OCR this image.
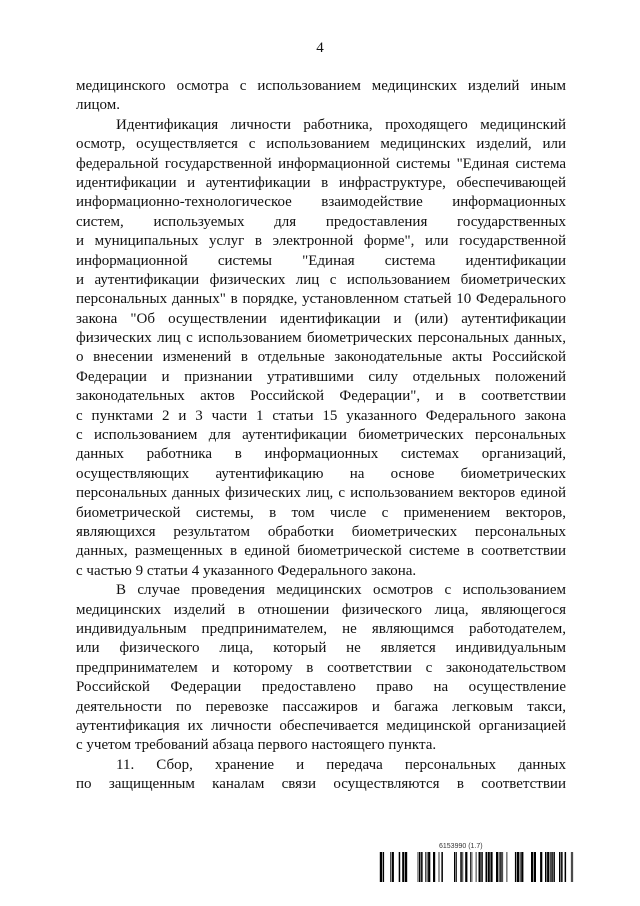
4
медицинского осмотра с использованием медицинских изделий иным
лицом.
Идентификация личности работника, проходящего медицинский
осмотр, осуществляется с использованием медицинских изделий, или
федеральной государственной информационной системы "Единая система
идентификации и аутентификации в инфраструктуре, обеспечивающей
информационно-технологическое взаимодействие информационных
систем, используемых для предоставления государственных
и муниципальных услуг в электронной форме", или государственной
информационной системы "Единая система идентификации
и аутентификации физических лиц с использованием биометрических
персональных данных" в порядке, установленном статьей 10 Федерального
закона "Об осуществлении идентификации и (или) аутентификации
физических лиц с использованием биометрических персональных данных,
о внесении изменений в отдельные законодательные акты Российской
Федерации и признании утратившими силу отдельных положений
законодательных актов Российской Федерации", и в соответствии
с пунктами 2 и 3 части 1 статьи 15 указанного Федерального закона
с использованием для аутентификации биометрических персональных
данных работника в информационных системах организаций,
осуществляющих аутентификацию на основе биометрических
персональных данных физических лиц, с использованием векторов единой
биометрической системы, в том числе с применением векторов,
являющихся результатом обработки биометрических персональных
данных, размещенных в единой биометрической системе в соответствии
с частью 9 статьи 4 указанного Федерального закона.
В случае проведения медицинских осмотров с использованием
медицинских изделий в отношении физического лица, являющегося
индивидуальным предпринимателем, не являющимся работодателем,
или физического лица, который не является индивидуальным
предпринимателем и которому в соответствии с законодательством
Российской Федерации предоставлено право на осуществление
деятельности по перевозке пассажиров и багажа легковым такси,
аутентификация их личности обеспечивается медицинской организацией
с учетом требований абзаца первого настоящего пункта.
11. Сбор, хранение и передача персональных данных
по защищенным каналам связи осуществляются в соответствии
6153990 (1.7)
